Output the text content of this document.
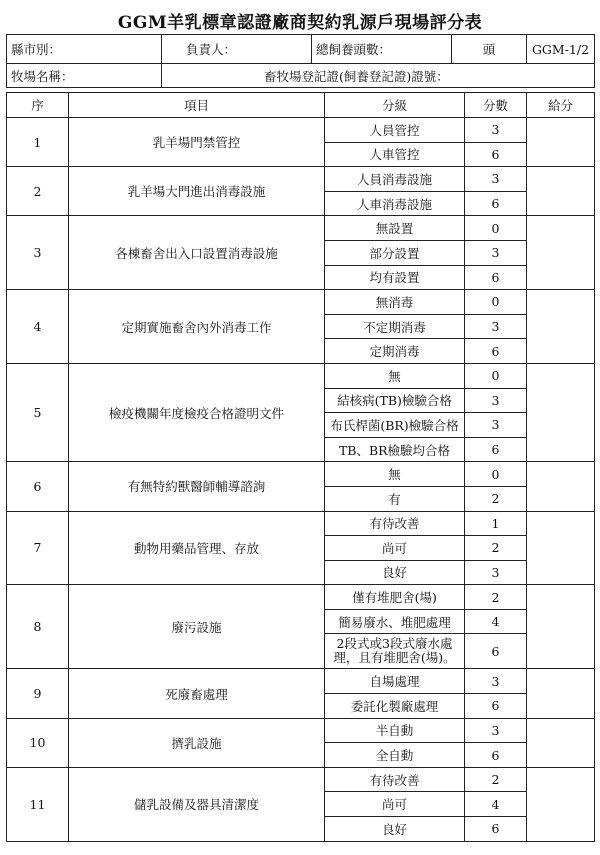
GGM羊乳標章認證廠商契約乳源戶現場評分表
縣市別：	負責人：	總飼養頭數：	頭	GGM-1/2
牧場名稱：	畜牧場登記證(飼養登記證)證號：			
序	項目	分級	分數	給分
1	乳羊場門禁管控	人員管控	3	
		人車管控	6	
2	乳羊場大門進出消毒設施	人員消毒設施	3	
		人車消毒設施	6	
3	各棟畜舍出入口設置消毒設施	無設置	0	
		部分設置	3	
		均有設置	6	
4	定期實施畜舍內外消毒工作	無消毒	0	
		不定期消毒	3	
		定期消毒	6	
5	檢疫機關年度檢疫合格證明文件	無	0	
		結核病(TB)檢驗合格	3	
		布氏桿菌(BR)檢驗合格	3	
		TB、BR檢驗均合格	6	
6	有無特約獸醫師輔導諮詢	無	0	
		有	2	
7	動物用藥品管理、存放	有待改善	1	
		尚可	2	
		良好	3	
8	廢污設施	僅有堆肥舍(場)	2	
		簡易廢水、堆肥處理	4	
		2段式或3段式廢水處理，且有堆肥舍(場)。	6	
9	死廢畜處理	自場處理	3	
		委託化製廠處理	6	
10	擠乳設施	半自動	3	
		全自動	6	
11	儲乳設備及器具清潔度	有待改善	2	
		尚可	4	
		良好	6	
